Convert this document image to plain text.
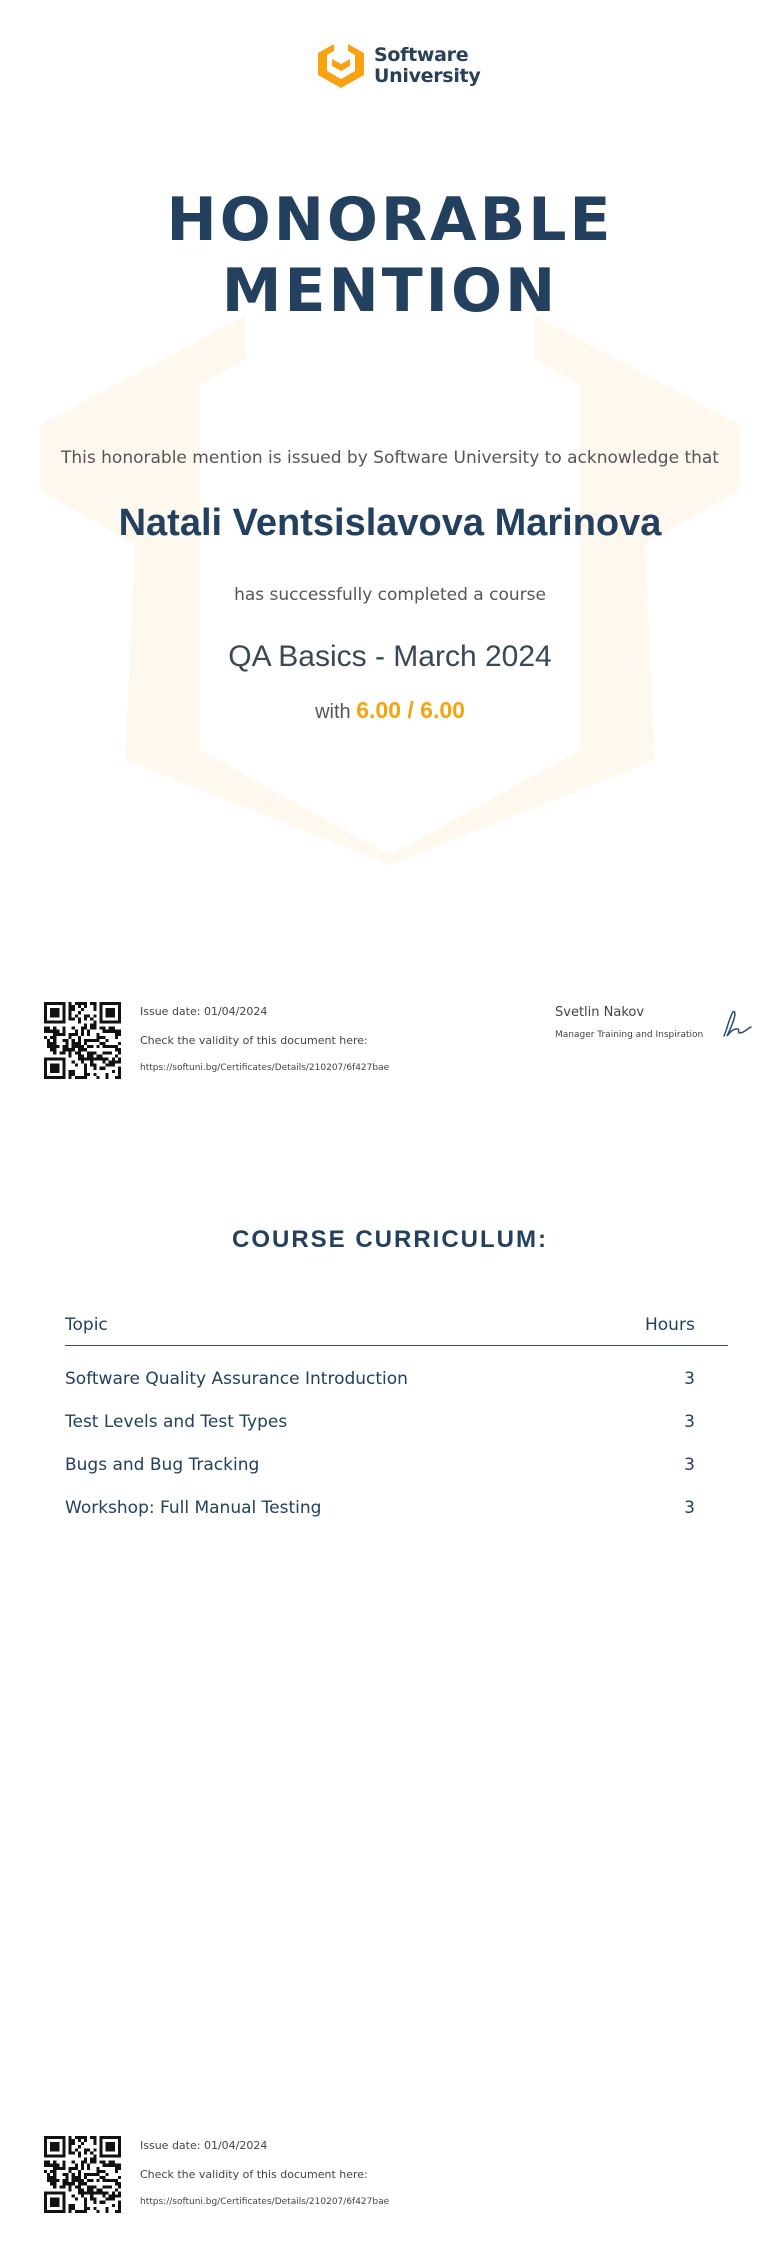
Software
University
HONORABLE
MENTION
This honorable mention is issued by Software University to acknowledge that
Natali Ventsislavova Marinova
has successfully completed a course
QA Basics - March 2024
with 6.00 / 6.00
Issue date: 01/04/2024
Check the validity of this document here:
https://softuni.bg/Certificates/Details/210207/6f427bae
Svetlin Nakov
Manager Training and Inspiration
COURSE CURRICULUM:
Topic	Hours
Software Quality Assurance Introduction	3
Test Levels and Test Types	3
Bugs and Bug Tracking	3
Workshop: Full Manual Testing	3
Issue date: 01/04/2024
Check the validity of this document here:
https://softuni.bg/Certificates/Details/210207/6f427bae
